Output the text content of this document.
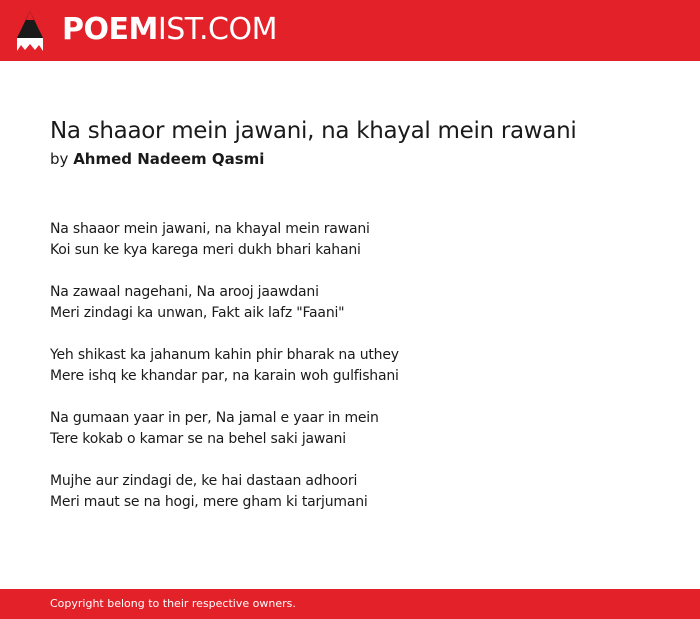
POEMIST.COM
Na shaaor mein jawani, na khayal mein rawani
by Ahmed Nadeem Qasmi
Na shaaor mein jawani, na khayal mein rawani
Koi sun ke kya karega meri dukh bhari kahani
Na zawaal nagehani, Na arooj jaawdani
Meri zindagi ka unwan, Fakt aik lafz "Faani"
Yeh shikast ka jahanum kahin phir bharak na uthey
Mere ishq ke khandar par, na karain woh gulfishani
Na gumaan yaar in per, Na jamal e yaar in mein
Tere kokab o kamar se na behel saki jawani
Mujhe aur zindagi de, ke hai dastaan adhoori
Meri maut se na hogi, mere gham ki tarjumani
Copyright belong to their respective owners.
